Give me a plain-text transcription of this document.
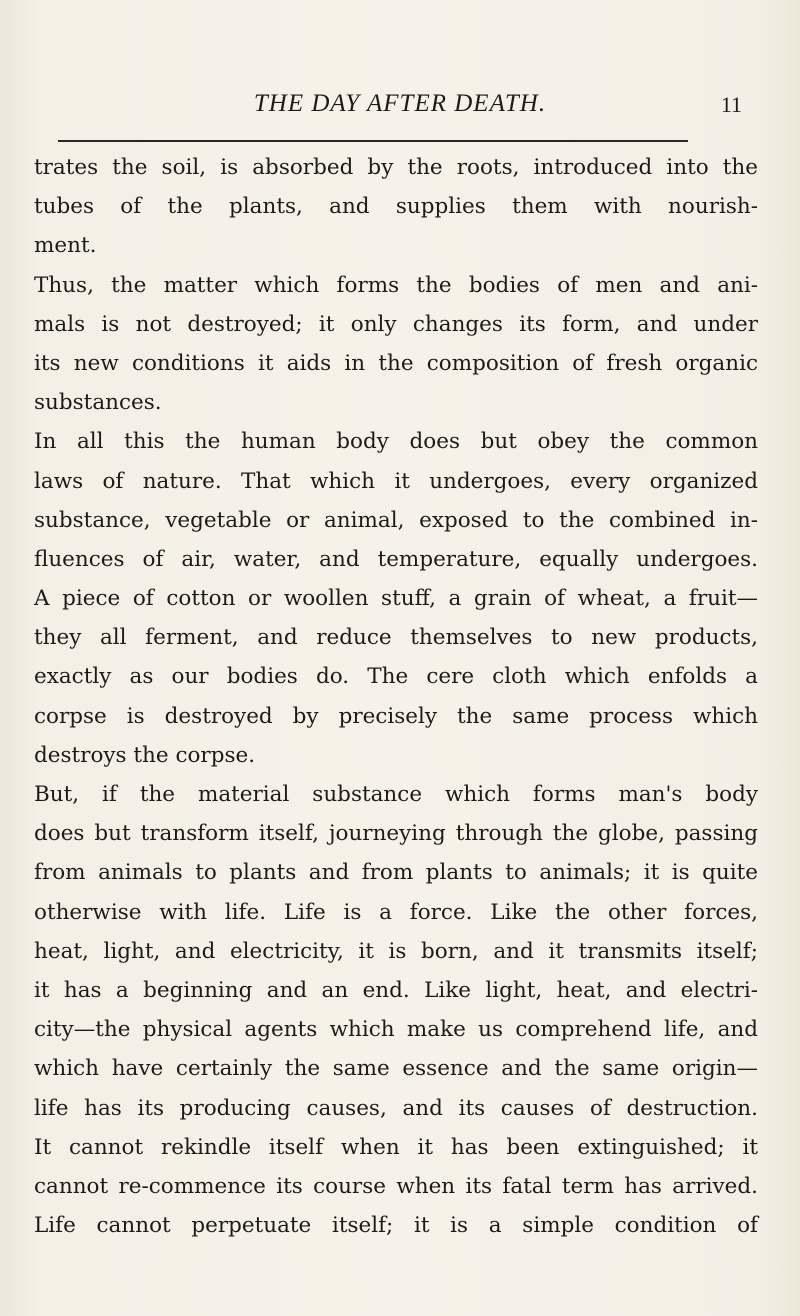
THE DAY AFTER DEATH.	11
trates the soil, is absorbed by the roots, introduced into the
tubes of the plants, and supplies them with nourish-
ment.
Thus, the matter which forms the bodies of men and ani-
mals is not destroyed; it only changes its form, and under
its new conditions it aids in the composition of fresh organic
substances.
In all this the human body does but obey the common
laws of nature. That which it undergoes, every organized
substance, vegetable or animal, exposed to the combined in-
fluences of air, water, and temperature, equally undergoes.
A piece of cotton or woollen stuff, a grain of wheat, a fruit—
they all ferment, and reduce themselves to new products,
exactly as our bodies do. The cere cloth which enfolds a
corpse is destroyed by precisely the same process which
destroys the corpse.
But, if the material substance which forms man's body
does but transform itself, journeying through the globe, passing
from animals to plants and from plants to animals; it is quite
otherwise with life. Life is a force. Like the other forces,
heat, light, and electricity, it is born, and it transmits itself;
it has a beginning and an end. Like light, heat, and electri-
city—the physical agents which make us comprehend life, and
which have certainly the same essence and the same origin—
life has its producing causes, and its causes of destruction.
It cannot rekindle itself when it has been extinguished; it
cannot re-commence its course when its fatal term has arrived.
Life cannot perpetuate itself; it is a simple condition of
